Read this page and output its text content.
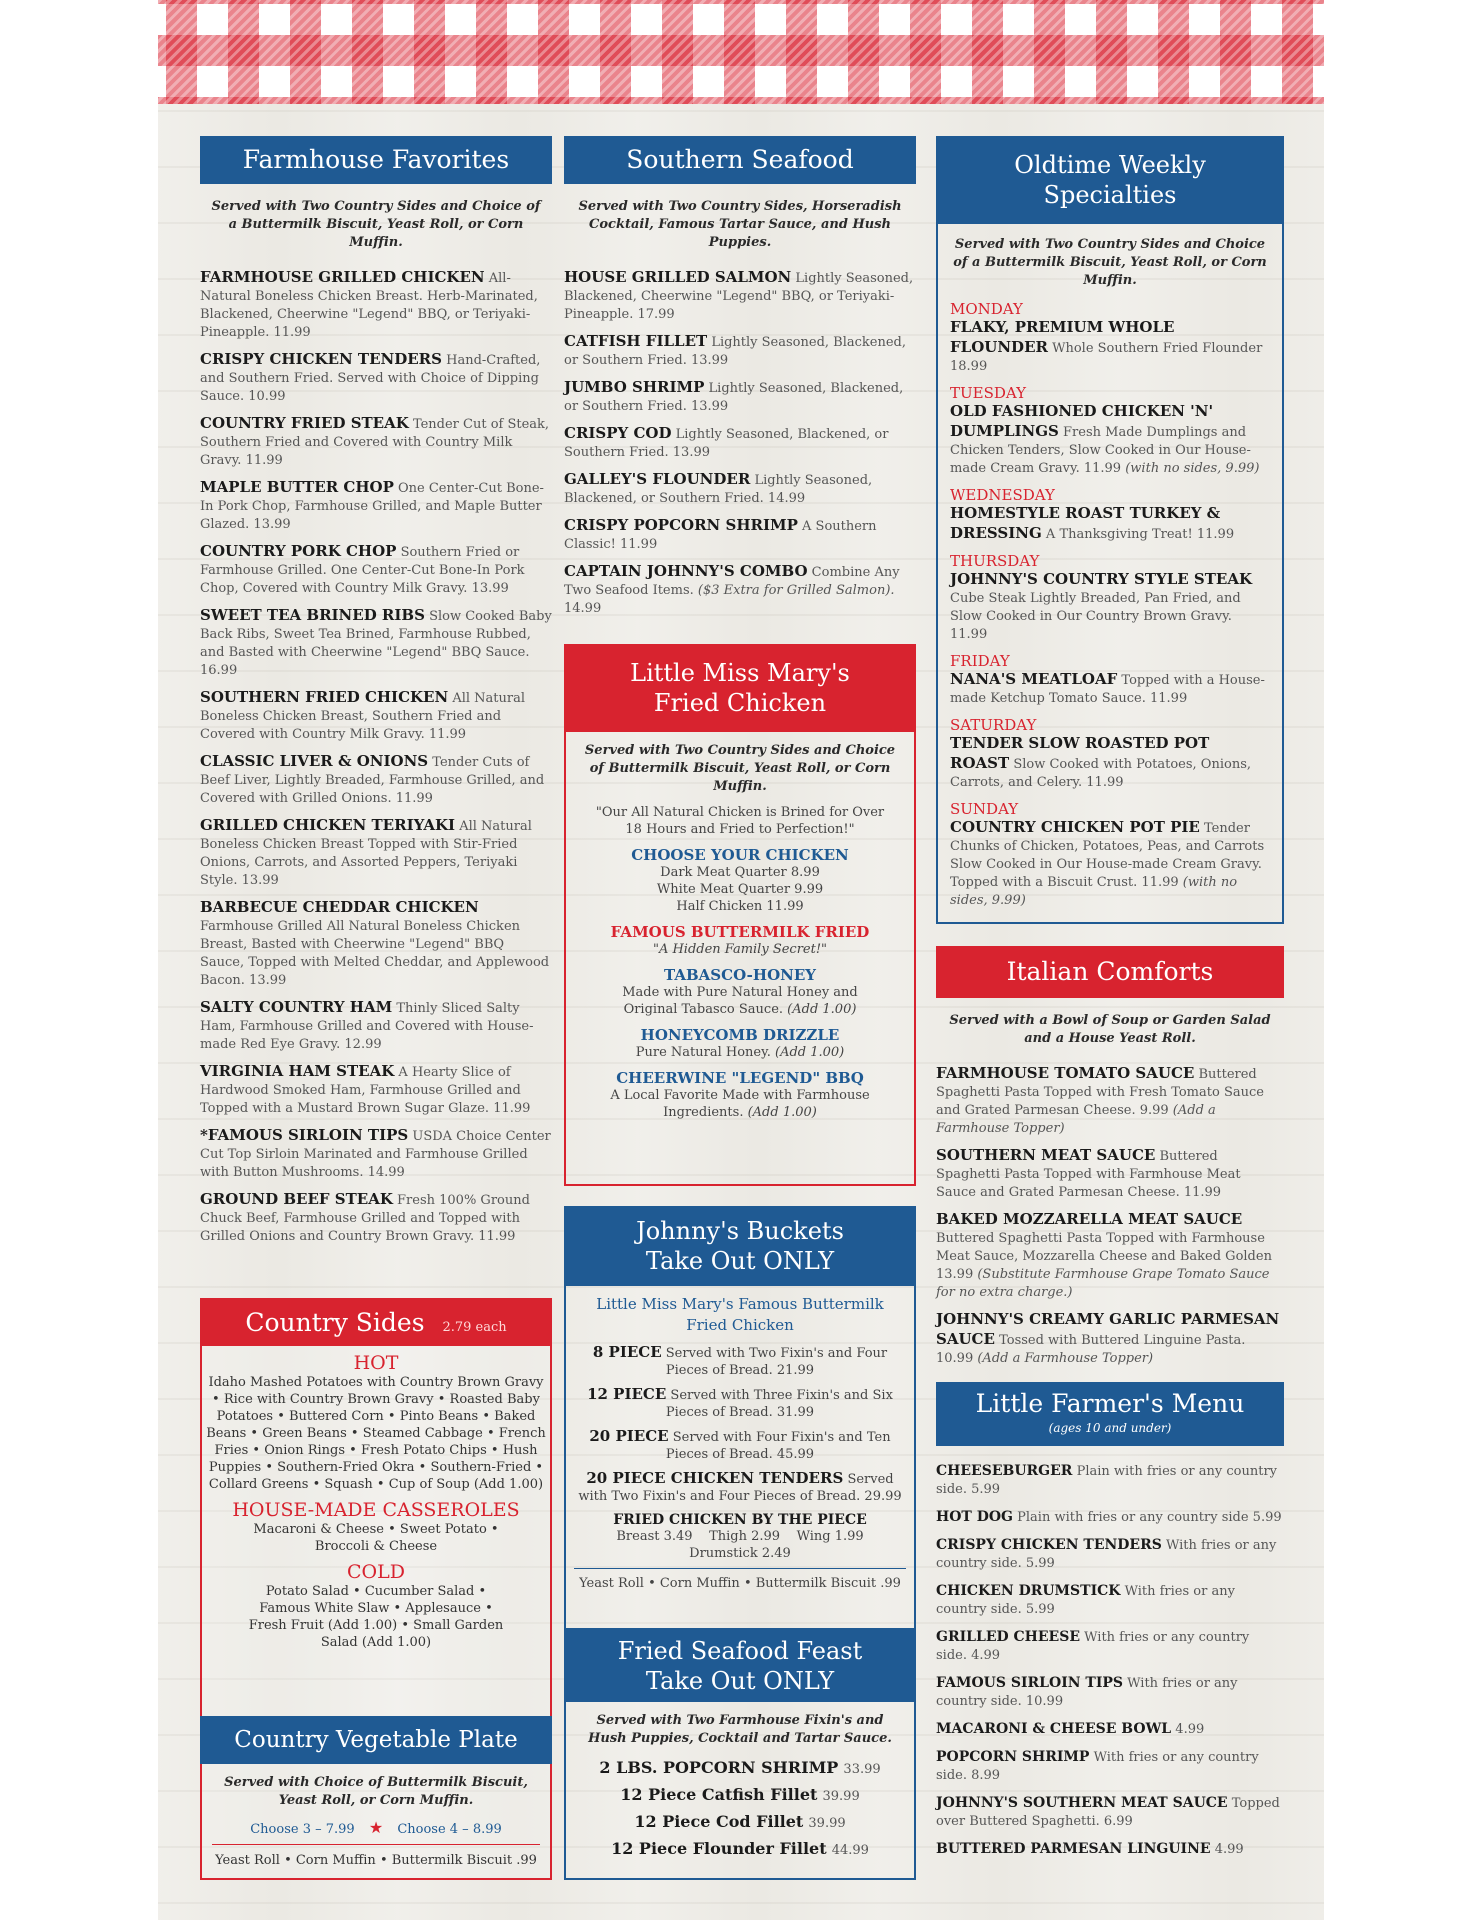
Farmhouse Favorites
Served with Two Country Sides and Choice of a Buttermilk Biscuit, Yeast Roll, or Corn Muffin.
FARMHOUSE GRILLED CHICKEN All-Natural Boneless Chicken Breast. Herb-Marinated, Blackened, Cheerwine "Legend" BBQ, or Teriyaki-Pineapple. 11.99
CRISPY CHICKEN TENDERS Hand-Crafted, and Southern Fried. Served with Choice of Dipping Sauce. 10.99
COUNTRY FRIED STEAK Tender Cut of Steak, Southern Fried and Covered with Country Milk Gravy. 11.99
MAPLE BUTTER CHOP One Center-Cut Bone-In Pork Chop, Farmhouse Grilled, and Maple Butter Glazed. 13.99
COUNTRY PORK CHOP Southern Fried or Farmhouse Grilled. One Center-Cut Bone-In Pork Chop, Covered with Country Milk Gravy. 13.99
SWEET TEA BRINED RIBS Slow Cooked Baby Back Ribs, Sweet Tea Brined, Farmhouse Rubbed, and Basted with Cheerwine "Legend" BBQ Sauce. 16.99
SOUTHERN FRIED CHICKEN All Natural Boneless Chicken Breast, Southern Fried and Covered with Country Milk Gravy. 11.99
CLASSIC LIVER & ONIONS Tender Cuts of Beef Liver, Lightly Breaded, Farmhouse Grilled, and Covered with Grilled Onions. 11.99
GRILLED CHICKEN TERIYAKI All Natural Boneless Chicken Breast Topped with Stir-Fried Onions, Carrots, and Assorted Peppers, Teriyaki Style. 13.99
BARBECUE CHEDDAR CHICKEN Farmhouse Grilled All Natural Boneless Chicken Breast, Basted with Cheerwine "Legend" BBQ Sauce, Topped with Melted Cheddar, and Applewood Bacon. 13.99
SALTY COUNTRY HAM Thinly Sliced Salty Ham, Farmhouse Grilled and Covered with House-made Red Eye Gravy. 12.99
VIRGINIA HAM STEAK A Hearty Slice of Hardwood Smoked Ham, Farmhouse Grilled and Topped with a Mustard Brown Sugar Glaze. 11.99
*FAMOUS SIRLOIN TIPS USDA Choice Center Cut Top Sirloin Marinated and Farmhouse Grilled with Button Mushrooms. 14.99
GROUND BEEF STEAK Fresh 100% Ground Chuck Beef, Farmhouse Grilled and Topped with Grilled Onions and Country Brown Gravy. 11.99
Country Sides 2.79 each
HOT
Idaho Mashed Potatoes with Country Brown Gravy • Rice with Country Brown Gravy • Roasted Baby Potatoes • Buttered Corn • Pinto Beans • Baked Beans • Green Beans • Steamed Cabbage • French Fries • Onion Rings • Fresh Potato Chips • Hush Puppies • Southern-Fried Okra • Southern-Fried • Collard Greens • Squash • Cup of Soup (Add 1.00)
HOUSE-MADE CASSEROLES
Macaroni & Cheese • Sweet Potato • Broccoli & Cheese
COLD
Potato Salad • Cucumber Salad • Famous White Slaw • Applesauce • Fresh Fruit (Add 1.00) • Small Garden Salad (Add 1.00)
Country Vegetable Plate
Served with Choice of Buttermilk Biscuit, Yeast Roll, or Corn Muffin.
Choose 3 – 7.99 ★ Choose 4 – 8.99
Yeast Roll • Corn Muffin • Buttermilk Biscuit .99
Southern Seafood
Served with Two Country Sides, Horseradish Cocktail, Famous Tartar Sauce, and Hush Puppies.
HOUSE GRILLED SALMON Lightly Seasoned, Blackened, Cheerwine "Legend" BBQ, or Teriyaki-Pineapple. 17.99
CATFISH FILLET Lightly Seasoned, Blackened, or Southern Fried. 13.99
JUMBO SHRIMP Lightly Seasoned, Blackened, or Southern Fried. 13.99
CRISPY COD Lightly Seasoned, Blackened, or Southern Fried. 13.99
GALLEY'S FLOUNDER Lightly Seasoned, Blackened, or Southern Fried. 14.99
CRISPY POPCORN SHRIMP A Southern Classic! 11.99
CAPTAIN JOHNNY'S COMBO Combine Any Two Seafood Items. ($3 Extra for Grilled Salmon). 14.99
Little Miss Mary's
Fried Chicken
Served with Two Country Sides and Choice of Buttermilk Biscuit, Yeast Roll, or Corn Muffin.
"Our All Natural Chicken is Brined for Over 18 Hours and Fried to Perfection!"
CHOOSE YOUR CHICKEN
Dark Meat Quarter 8.99
White Meat Quarter 9.99
Half Chicken 11.99
FAMOUS BUTTERMILK FRIED
"A Hidden Family Secret!"
TABASCO-HONEY
Made with Pure Natural Honey and Original Tabasco Sauce. (Add 1.00)
HONEYCOMB DRIZZLE
Pure Natural Honey. (Add 1.00)
CHEERWINE "LEGEND" BBQ
A Local Favorite Made with Farmhouse Ingredients. (Add 1.00)
Johnny's Buckets
Take Out ONLY
Little Miss Mary's Famous Buttermilk Fried Chicken
8 PIECE Served with Two Fixin's and Four Pieces of Bread. 21.99
12 PIECE Served with Three Fixin's and Six Pieces of Bread. 31.99
20 PIECE Served with Four Fixin's and Ten Pieces of Bread. 45.99
20 PIECE CHICKEN TENDERS Served with Two Fixin's and Four Pieces of Bread. 29.99
FRIED CHICKEN BY THE PIECE
Breast 3.49    Thigh 2.99    Wing 1.99
Drumstick 2.49
Yeast Roll • Corn Muffin • Buttermilk Biscuit .99
Fried Seafood Feast
Take Out ONLY
Served with Two Farmhouse Fixin's and Hush Puppies, Cocktail and Tartar Sauce.
2 LBS. POPCORN SHRIMP 33.99
12 Piece Catfish Fillet 39.99
12 Piece Cod Fillet 39.99
12 Piece Flounder Fillet 44.99
Oldtime Weekly
Specialties
Served with Two Country Sides and Choice of a Buttermilk Biscuit, Yeast Roll, or Corn Muffin.
MONDAY
FLAKY, PREMIUM WHOLE FLOUNDER Whole Southern Fried Flounder 18.99
TUESDAY
OLD FASHIONED CHICKEN 'N' DUMPLINGS Fresh Made Dumplings and Chicken Tenders, Slow Cooked in Our House-made Cream Gravy. 11.99 (with no sides, 9.99)
WEDNESDAY
HOMESTYLE ROAST TURKEY & DRESSING A Thanksgiving Treat! 11.99
THURSDAY
JOHNNY'S COUNTRY STYLE STEAK Cube Steak Lightly Breaded, Pan Fried, and Slow Cooked in Our Country Brown Gravy. 11.99
FRIDAY
NANA'S MEATLOAF Topped with a House-made Ketchup Tomato Sauce. 11.99
SATURDAY
TENDER SLOW ROASTED POT ROAST Slow Cooked with Potatoes, Onions, Carrots, and Celery. 11.99
SUNDAY
COUNTRY CHICKEN POT PIE Tender Chunks of Chicken, Potatoes, Peas, and Carrots Slow Cooked in Our House-made Cream Gravy. Topped with a Biscuit Crust. 11.99 (with no sides, 9.99)
Italian Comforts
Served with a Bowl of Soup or Garden Salad and a House Yeast Roll.
FARMHOUSE TOMATO SAUCE Buttered Spaghetti Pasta Topped with Fresh Tomato Sauce and Grated Parmesan Cheese. 9.99 (Add a Farmhouse Topper)
SOUTHERN MEAT SAUCE Buttered Spaghetti Pasta Topped with Farmhouse Meat Sauce and Grated Parmesan Cheese. 11.99
BAKED MOZZARELLA MEAT SAUCE Buttered Spaghetti Pasta Topped with Farmhouse Meat Sauce, Mozzarella Cheese and Baked Golden 13.99 (Substitute Farmhouse Grape Tomato Sauce for no extra charge.)
JOHNNY'S CREAMY GARLIC PARMESAN SAUCE Tossed with Buttered Linguine Pasta. 10.99 (Add a Farmhouse Topper)
Little Farmer's Menu
(ages 10 and under)
CHEESEBURGER Plain with fries or any country side. 5.99
HOT DOG Plain with fries or any country side 5.99
CRISPY CHICKEN TENDERS With fries or any country side. 5.99
CHICKEN DRUMSTICK With fries or any country side. 5.99
GRILLED CHEESE With fries or any country side. 4.99
FAMOUS SIRLOIN TIPS With fries or any country side. 10.99
MACARONI & CHEESE BOWL 4.99
POPCORN SHRIMP With fries or any country side. 8.99
JOHNNY'S SOUTHERN MEAT SAUCE Topped over Buttered Spaghetti. 6.99
BUTTERED PARMESAN LINGUINE 4.99
